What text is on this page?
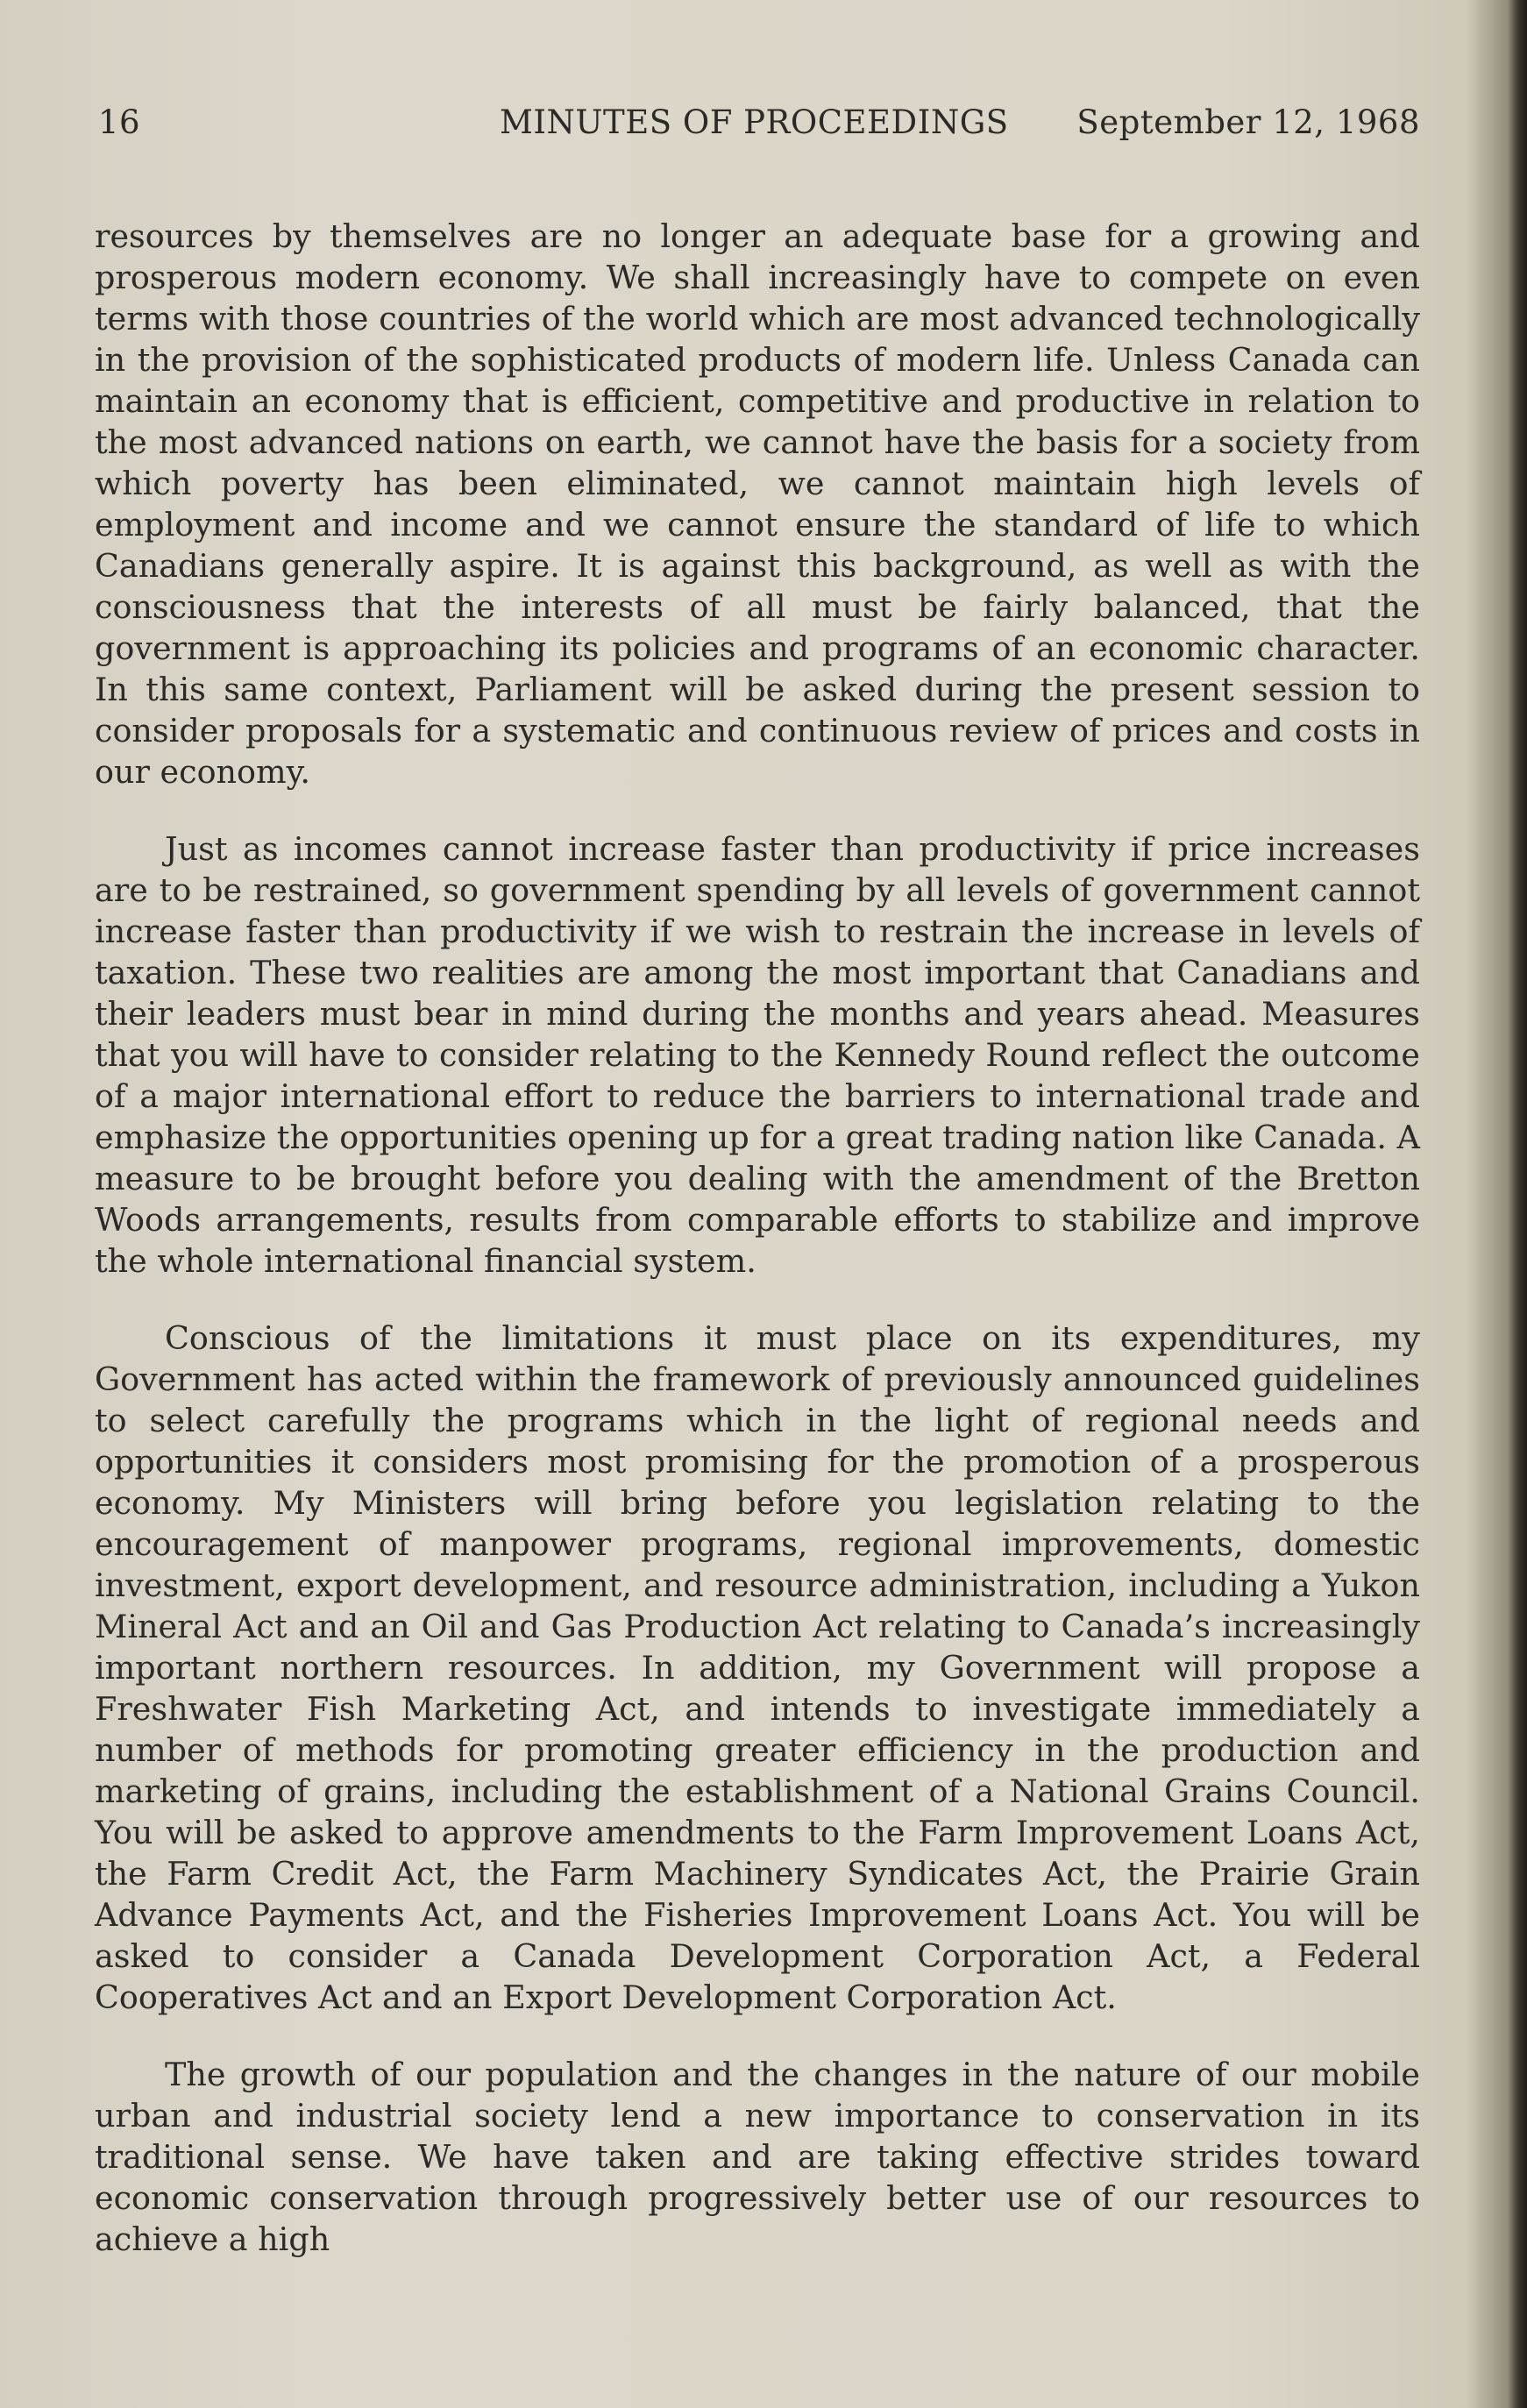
16	MINUTES OF PROCEEDINGS September 12, 1968

resources by themselves are no longer an adequate base for a growing and prosperous modern economy. We shall increasingly have to compete on even terms with those countries of the world which are most advanced technologically in the provision of the sophisticated products of modern life. Unless Canada can maintain an economy that is efficient, competitive and productive in relation to the most advanced nations on earth, we cannot have the basis for a society from which poverty has been eliminated, we cannot maintain high levels of employment and income and we cannot ensure the standard of life to which Canadians generally aspire. It is against this background, as well as with the consciousness that the interests of all must be fairly balanced, that the government is approaching its policies and programs of an economic character. In this same context, Parliament will be asked during the present session to consider proposals for a systematic and continuous review of prices and costs in our economy.

Just as incomes cannot increase faster than productivity if price increases are to be restrained, so government spending by all levels of government cannot increase faster than productivity if we wish to restrain the increase in levels of taxation. These two realities are among the most important that Canadians and their leaders must bear in mind during the months and years ahead. Measures that you will have to consider relating to the Kennedy Round reflect the outcome of a major international effort to reduce the barriers to international trade and emphasize the opportunities opening up for a great trading nation like Canada. A measure to be brought before you dealing with the amendment of the Bretton Woods arrangements, results from comparable efforts to stabilize and improve the whole international financial system.

Conscious of the limitations it must place on its expenditures, my Government has acted within the framework of previously announced guidelines to select carefully the programs which in the light of regional needs and opportunities it considers most promising for the promotion of a prosperous economy. My Ministers will bring before you legislation relating to the encouragement of manpower programs, regional improvements, domestic investment, export development, and resource administration, including a Yukon Mineral Act and an Oil and Gas Production Act relating to Canada’s increasingly important northern resources. In addition, my Government will propose a Freshwater Fish Marketing Act, and intends to investigate immediately a number of methods for promoting greater efficiency in the production and marketing of grains, including the establishment of a National Grains Council. You will be asked to approve amendments to the Farm Improvement Loans Act, the Farm Credit Act, the Farm Machinery Syndicates Act, the Prairie Grain Advance Payments Act, and the Fisheries Improvement Loans Act. You will be asked to consider a Canada Development Corporation Act, a Federal Cooperatives Act and an Export Development Corporation Act.

The growth of our population and the changes in the nature of our mobile urban and industrial society lend a new importance to conservation in its traditional sense. We have taken and are taking effective strides toward economic conservation through progressively better use of our resources to achieve a high
